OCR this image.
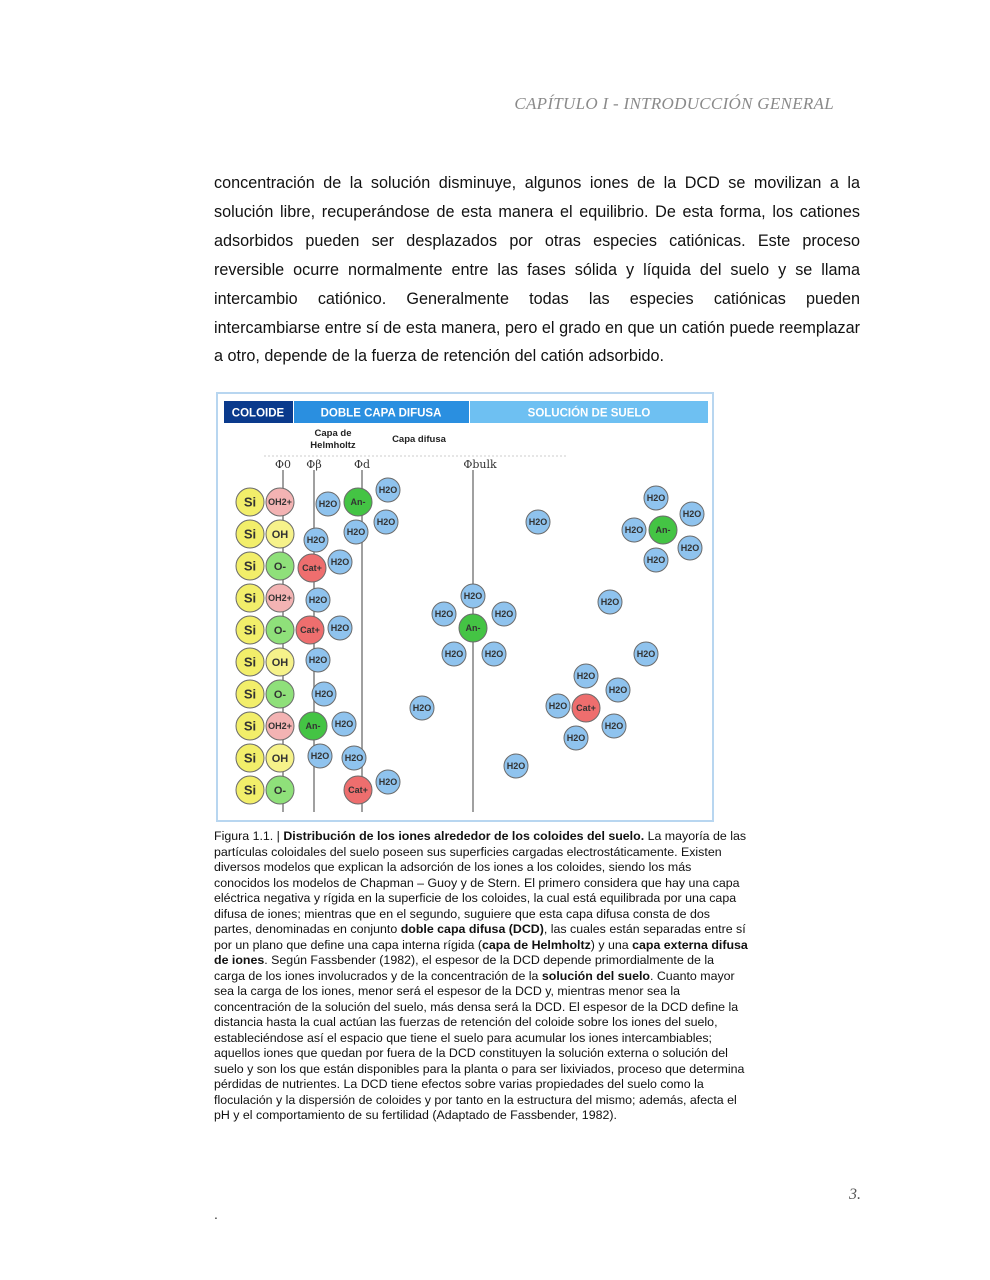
CAPÍTULO I - INTRODUCCIÓN GENERAL

concentración de la solución disminuye, algunos iones de la DCD se movilizan a la solución libre, recuperándose de esta manera el equilibrio. De esta forma, los cationes adsorbidos pueden ser desplazados por otras especies catiónicas. Este proceso reversible ocurre normalmente entre las fases sólida y líquida del suelo y se llama intercambio catiónico. Generalmente todas las especies catiónicas pueden intercambiarse entre sí de esta manera, pero el grado en que un catión puede reemplazar a otro, depende de la fuerza de retención del catión adsorbido.

COLOIDE	DOBLE CAPA DIFUSA	SOLUCIÓN DE SUELO
Capa de
Helmholtz
Capa difusa
Φ0 Φβ	Φd	Φbulk
Si OH2+
Si OH
Si O-
Si OH2+
Si O-
Si OH
Si O-
Si OH2+
Si OH
Si O-
H2O An-
H2O
H2O
H2O
H2O
Cat+
H2O
H2O
Cat+ H2O
H2O
H2O
An- H2O
H2O H2O
Cat+
H2O
H2O
H2O
H2O
An-
H2O
H2O H2O
H2O
H2O
H2O
H2O An-
H2O
H2O
H2O
H2O
H2O
H2O Cat+
H2O
H2O
H2O
H2O

Figura 1.1. | Distribución de los iones alrededor de los coloides del suelo. La mayoría de las partículas coloidales del suelo poseen sus superficies cargadas electrostáticamente. Existen diversos modelos que explican la adsorción de los iones a los coloides, siendo los más conocidos los modelos de Chapman – Guoy y de Stern. El primero considera que hay una capa eléctrica negativa y rígida en la superficie de los coloides, la cual está equilibrada por una capa difusa de iones; mientras que en el segundo, suguiere que esta capa difusa consta de dos partes, denominadas en conjunto doble capa difusa (DCD), las cuales están separadas entre sí por un plano que define una capa interna rígida (capa de Helmholtz) y una capa externa difusa de iones. Según Fassbender (1982), el espesor de la DCD depende primordialmente de la carga de los iones involucrados y de la concentración de la solución del suelo. Cuanto mayor sea la carga de los iones, menor será el espesor de la DCD y, mientras menor sea la concentración de la solución del suelo, más densa será la DCD. El espesor de la DCD define la distancia hasta la cual actúan las fuerzas de retención del coloide sobre los iones del suelo, estableciéndose así el espacio que tiene el suelo para acumular los iones intercambiables; aquellos iones que quedan por fuera de la DCD constituyen la solución externa o solución del suelo y son los que están disponibles para la planta o para ser lixiviados, proceso que determina pérdidas de nutrientes. La DCD tiene efectos sobre varias propiedades del suelo como la floculación y la dispersión de coloides y por tanto en la estructura del mismo; además, afecta el pH y el comportamiento de su fertilidad (Adaptado de Fassbender, 1982).

3.
.
